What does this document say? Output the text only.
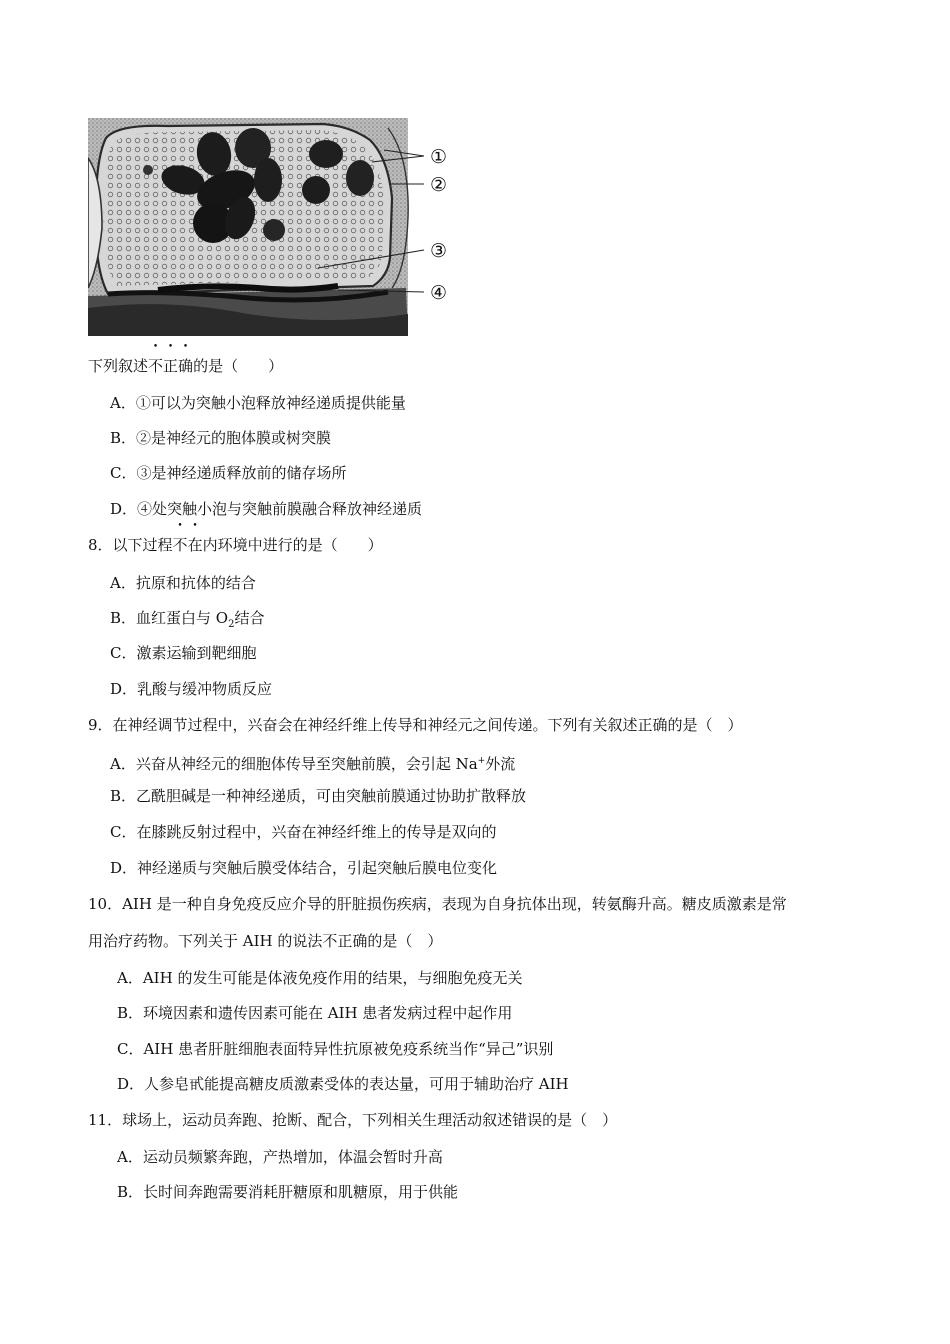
①
②
③
④
下列叙述不正确的是（　　）
A．①可以为突触小泡释放神经递质提供能量
B．②是神经元的胞体膜或树突膜
C．③是神经递质释放前的储存场所
D．④处突触小泡与突触前膜融合释放神经递质
8．以下过程不在内环境中进行的是（　　）
A．抗原和抗体的结合
B．血红蛋白与 $O_2$结合
C．激素运输到靶细胞
D．乳酸与缓冲物质反应
9．在神经调节过程中，兴奋会在神经纤维上传导和神经元之间传递。下列有关叙述正确的是（　）
A．兴奋从神经元的细胞体传导至突触前膜，会引起 Na+外流
B．乙酰胆碱是一种神经递质，可由突触前膜通过协助扩散释放
C．在膝跳反射过程中，兴奋在神经纤维上的传导是双向的
D．神经递质与突触后膜受体结合，引起突触后膜电位变化
10．AIH 是一种自身免疫反应介导的肝脏损伤疾病，表现为自身抗体出现，转氨酶升高。糖皮质激素是常
用治疗药物。下列关于 AIH 的说法不正确的是（　）
A．AIH 的发生可能是体液免疫作用的结果，与细胞免疫无关
B．环境因素和遗传因素可能在 AIH 患者发病过程中起作用
C．AIH 患者肝脏细胞表面特异性抗原被免疫系统当作“异己”识别
D．人参皂甙能提高糖皮质激素受体的表达量，可用于辅助治疗 AIH
11．球场上，运动员奔跑、抢断、配合，下列相关生理活动叙述错误的是（　）
A．运动员频繁奔跑，产热增加，体温会暂时升高
B．长时间奔跑需要消耗肝糖原和肌糖原，用于供能
